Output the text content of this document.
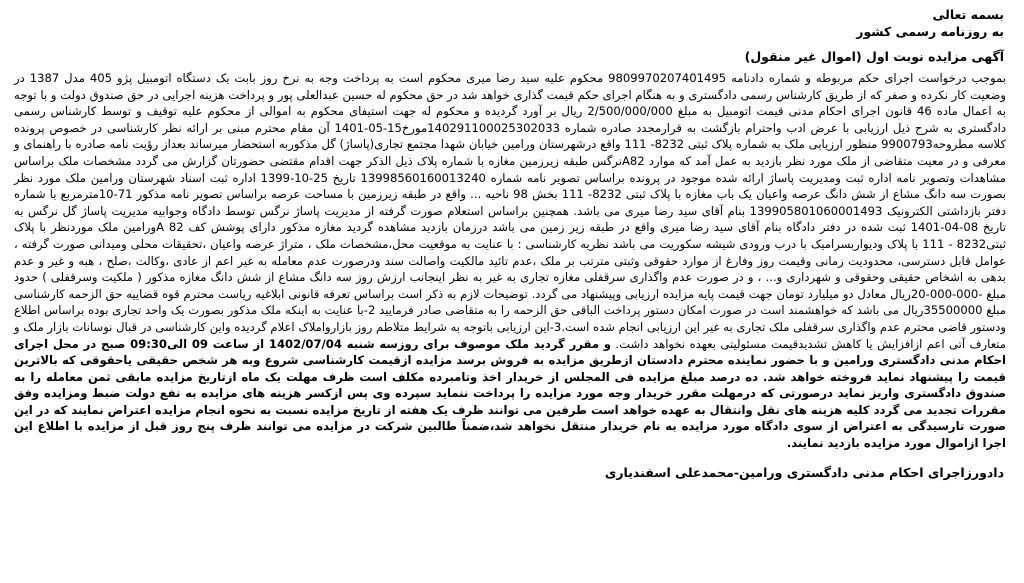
بسمه تعالی

به روزنامه رسمی کشور

آگهی مزایده نوبت اول (اموال غیر منقول)

بموجب درخواست اجرای حکم مربوطه و شماره دادنامه 9809970207401495 محکوم علیه سید رضا میری محکوم است به پرداخت وجه به نرخ روز بابت یک دستگاه اتومبیل پژو 405 مدل 1387 در وضعیت کار نکرده و صفر که از طریق کارشناس رسمی دادگستری و به هنگام اجرای حکم قیمت گذاری خواهد شد در حق محکوم له حسین عبدالعلی پور و پرداخت هزینه اجرایی در حق صندوق دولت و با توجه به اعمال ماده 46 قانون اجرای احکام مدنی قیمت اتومبیل به مبلغ 2/500/000/000 ریال بر آورد گردیده و محکوم له جهت استیفای محکوم به اموالی از محکوم علیه توقیف و توسط کارشناس رسمی دادگستری به شرح ذیل ارزیابی با عرض ادب واحترام بازگشت به قرارمجدد صادره شماره 140291100025302033مورخ15-05-1401 آن مقام محترم مبنی بر ارائه نظر کارشناسی در خصوص پرونده کلاسه مطروحه9900793 منظور ارزیابی ملک به شماره پلاک ثبتی 8232- 111 واقع درشهرستان ورامین خیابان شهدا مجتمع تجاری(پاساژ) گل مذکوربه استحضار میرساند بعداز رؤیت نامه صادره با راهنمای و معرفی و در معیت متقاضی از ملک مورد نظر بازدید به عمل آمد که موارد A82نرگس طبقه زیرزمین مغازه با شماره پلاک ذیل الذکر جهت اقدام مقتضی حضورتان گزارش می گردد مشخصات ملک براساس مشاهدات وتصویر نامه اداره ثبت ومدیریت پاساژ ارائه شده موجود در پرونده براساس تصویر نامه شماره 13998560160013240 تاریخ 25-10-1399 اداره ثبت اسناد شهرستان ورامین ملک مورد نظر بصورت سه دانگ مشاع از شش دانگ عرصه واعیان یک باب مغازه با پلاک ثبتی 8232- 111 بخش 98 ناحیه ... واقع در طبقه زیرزمین با مساحت عرصه براساس تصویر نامه مذکور 71-10مترمربع با شماره دفتر بازداشتی الکترونیک 139905801060001493 بنام آقای سید رضا میری می باشد. همچنین براساس استعلام صورت گرفته از مدیریت پاساژ نرگس توسط دادگاه وجوابیه مدیریت پاساژ گل نرگس به تاریخ 08-04-1401 ثبت شده در دفتر دادگاه بنام آقای سید رضا میری واقع در طبقه زیر زمین می باشد درزمان بازدید مشاهده گردید مغازه مذکور دارای پوشش کف A 82ورامین ملک موردنظر با پلاک ثبتی8232 - 111 با پلاک ودیواربسرامیک با درب ورودی شیشه سکوریت می باشد نظریه کارشناسی : با عنایت به موقعیت محل،مشخصات ملک ، متراژ عرصه واعیان ،تحقیقات محلی ومیدانی صورت گرفته ، عوامل قابل دسترسی، محدودیت زمانی وقیمت روز وفارغ از موارد حقوقی وثبتی مترتب بر ملک ،عدم تائید مالکیت واصالت سند ودرصورت عدم معامله به غیر اعم از عادی ،وکالت ،صلح ، هبه و غیر و عدم بدهی به اشخاص حقیقی وحقوقی و شهرداری و... ، و در صورت عدم واگذاری سرقفلی مغازه تجاری به غیر به نظر اینجانب ارزش روز سه دانگ مشاع از شش دانگ مغازه مذکور ( ملکیت وسرقفلی ) حدود مبلغ -000-000-20ریال معادل دو میلیارد تومان جهت قیمت پایه مزایده ارزیابی وپیشنهاد می گردد. توضیحات لازم به ذکر است براساس تعرفه قانونی ابلاغیه ریاست محترم قوه قضاییه حق الزحمه کارشناسی مبلغ 35500000ریال می باشد که خواهشمند است در صورت امکان دستور پرداخت الباقی حق الزحمه را به متقاضی صادر فرمایید 2-با عنایت به اینکه ملک مذکور بصورت یک واحد تجاری بوده براساس اطلاع ودستور قاضی محترم عدم واگذاری سرقفلی ملک تجاری به غیر این ارزیابی انجام شده است.3-این ارزیابی باتوجه به شرایط متلاطم روز بازارواملاک اعلام گردیده واین کارشناسی در قبال نوسانات بازار ملک و متعارف آتی اعم ازافزایش یا کاهش تشدیدقیمت مسئولیتی بعهده نخواهد داشت. و مقرر گردید ملک موصوف برای روزسه شنبه 1402/07/04 از ساعت 09 الی09:30 صبح در محل اجرای احکام مدنی دادگستری ورامین و با حضور نماینده محترم دادستان ازطریق مزایده به فروش برسد مزایده ازقیمت کارشناسی شروع وبه هر شخص حقیقی یاحقوقی که بالاترین قیمت را پیشنهاد نماید فروخته خواهد شد. ده درصد مبلغ مزایده فی المجلس از خریدار اخذ وتامبرده مکلف است ظرف مهلت یک ماه ازتاریخ مزایده مابقی ثمن معامله را به صندوق دادگستری واریز نماید درصورتی که درمهلت مقرر خریدار وجه مورد مزایده را پرداخت ننماید سپرده وی پس ازکسر هزینه های مزایده به نفع دولت ضبط ومزایده وفق مقررات تجدید می گردد کلیه هزینه های نقل وانتقال به عهده خواهد است طرفین می توانند ظرف یک هفته از تاریخ مزایده نسبت به نحوه انجام مزایده اعتراض نمایند که در این صورت تارسیدگی به اعتراض از سوی دادگاه مورد مزایده به نام خریدار منتقل نخواهد شد،ضمناً طالبین شرکت در مزایده می توانند ظرف پنج روز قبل از مزایده با اطلاع این اجرا ازاموال مورد مزایده بازدید نمایند.

دادورزاجرای احکام مدنی دادگستری ورامین-محمدعلی اسفندیاری
